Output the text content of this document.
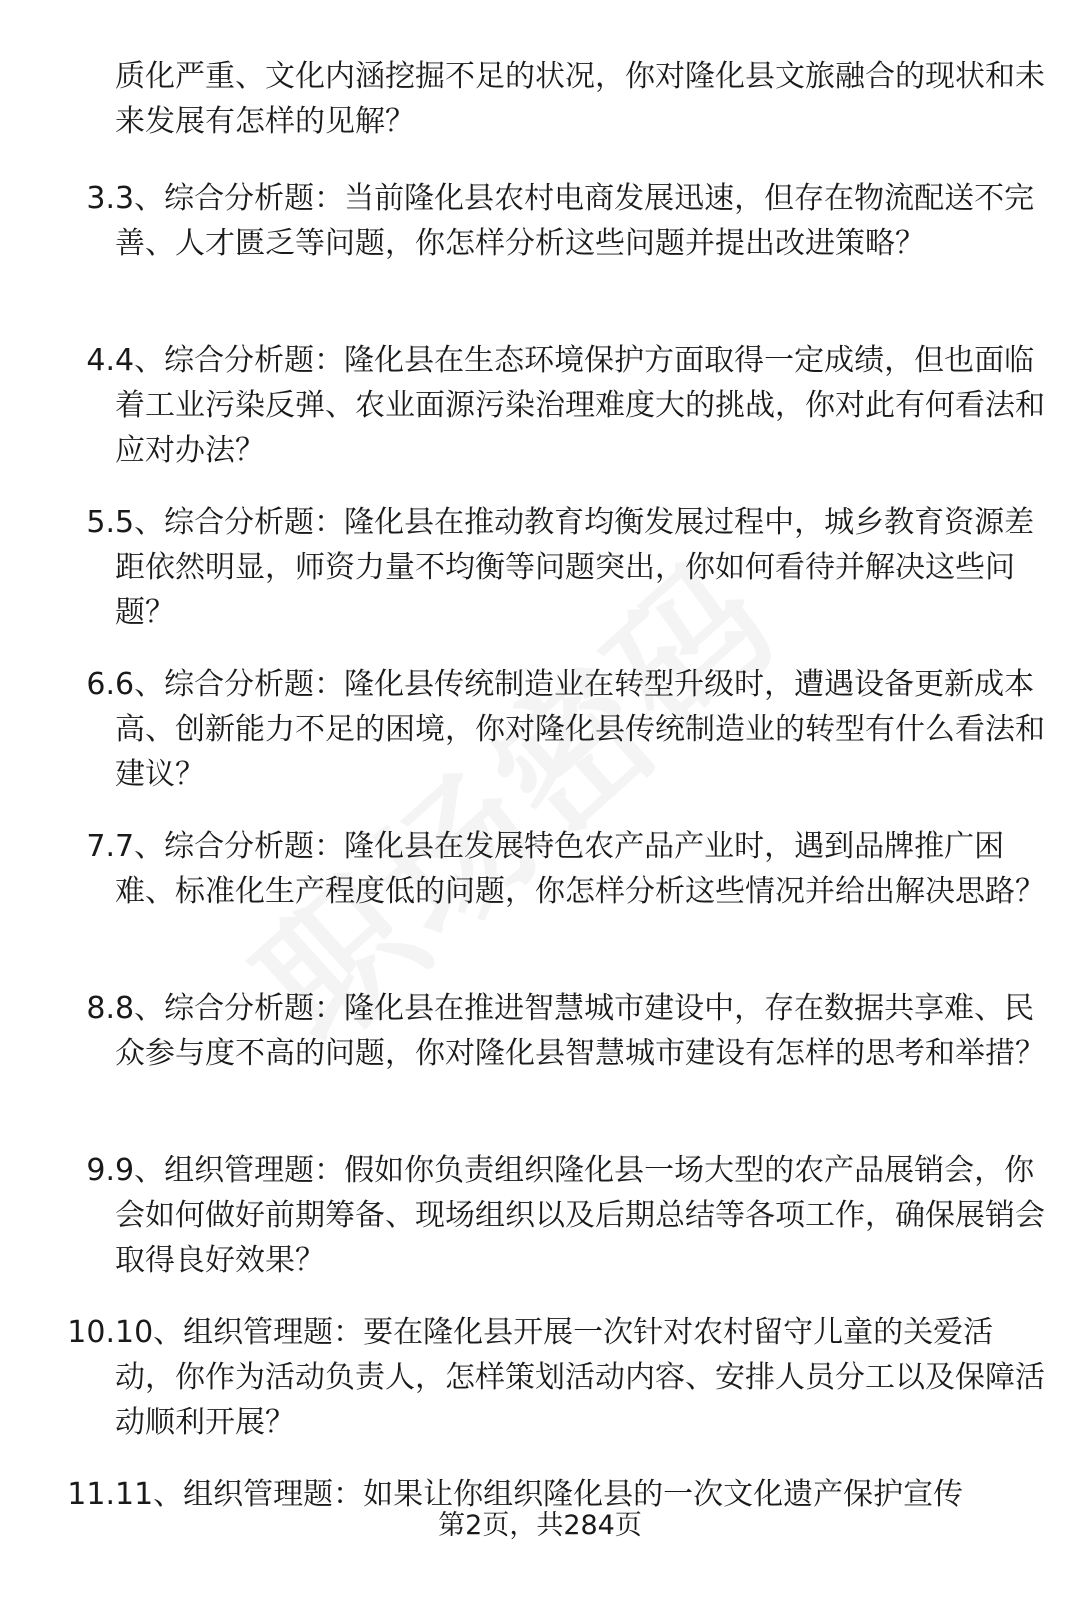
质化严重、文化内涵挖掘不足的状况，你对隆化县文旅融合的现状和未来发展有怎样的见解？
3. 3、综合分析题：当前隆化县农村电商发展迅速，但存在物流配送不完善、人才匮乏等问题，你怎样分析这些问题并提出改进策略？
4. 4、综合分析题：隆化县在生态环境保护方面取得一定成绩，但也面临着工业污染反弹、农业面源污染治理难度大的挑战，你对此有何看法和应对办法？
5. 5、综合分析题：隆化县在推动教育均衡发展过程中，城乡教育资源差距依然明显，师资力量不均衡等问题突出，你如何看待并解决这些问题？
6. 6、综合分析题：隆化县传统制造业在转型升级时，遭遇设备更新成本高、创新能力不足的困境，你对隆化县传统制造业的转型有什么看法和建议？
7. 7、综合分析题：隆化县在发展特色农产品产业时，遇到品牌推广困难、标准化生产程度低的问题，你怎样分析这些情况并给出解决思路？
8. 8、综合分析题：隆化县在推进智慧城市建设中，存在数据共享难、民众参与度不高的问题，你对隆化县智慧城市建设有怎样的思考和举措？
9. 9、组织管理题：假如你负责组织隆化县一场大型的农产品展销会，你会如何做好前期筹备、现场组织以及后期总结等各项工作，确保展销会取得良好效果？
10. 10、组织管理题：要在隆化县开展一次针对农村留守儿童的关爱活动，你作为活动负责人，怎样策划活动内容、安排人员分工以及保障活动顺利开展？
11. 11、组织管理题：如果让你组织隆化县的一次文化遗产保护宣传
第2页，共284页
